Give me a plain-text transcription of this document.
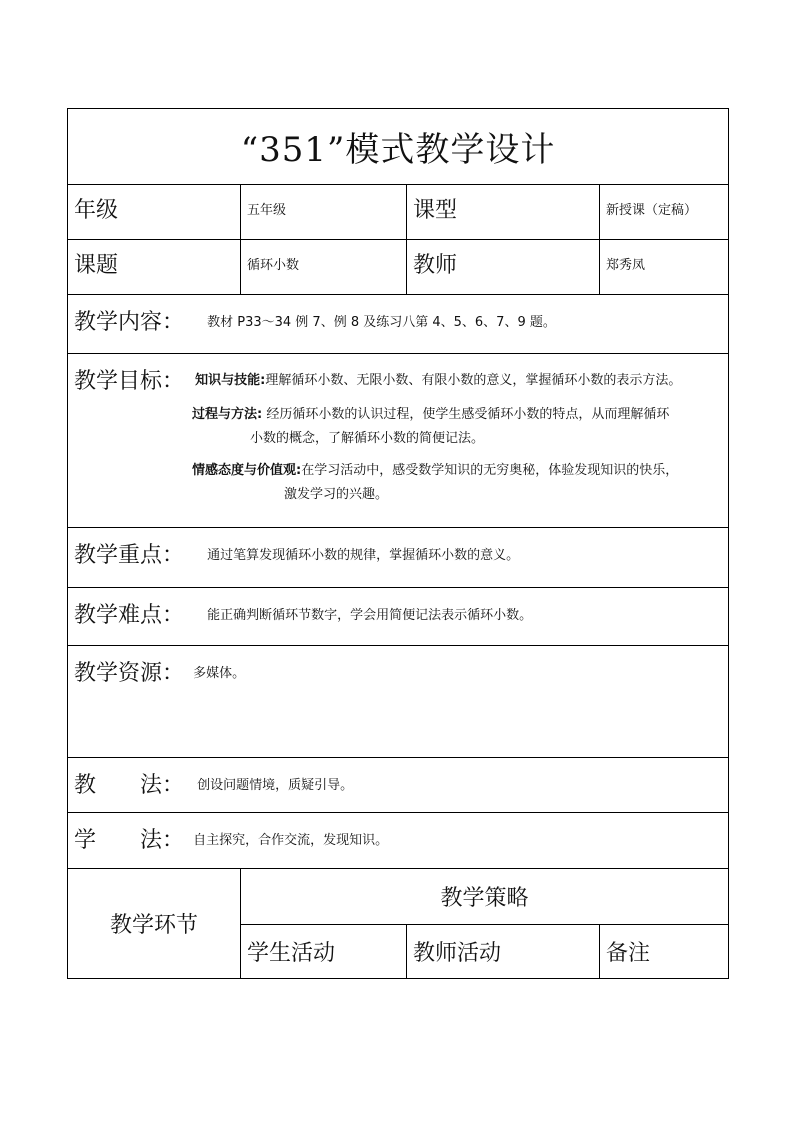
“351”模式教学设计			
年级	五年级	课型	新授课（定稿）
课题	循环小数	教师	郑秀凤
教学内容： 教材 P33～34 例 7、例 8 及练习八第 4、5、6、7、9 题。			

教学目标： 知识与技能:理解循环小数、无限小数、有限小数的意义，掌握循环小数的表示方法。
过程与方法: 经历循环小数的认识过程，使学生感受循环小数的特点，从而理解循环
小数的概念，了解循环小数的简便记法。
情感态度与价值观:在学习活动中，感受数学知识的无穷奥秘，体验发现知识的快乐，
激发学习的兴趣。			

教学重点： 通过笔算发现循环小数的规律，掌握循环小数的意义。			
教学难点： 能正确判断循环节数字，学会用简便记法表示循环小数。			
教学资源： 多媒体。			
教 法： 创设问题情境，质疑引导。			
学 法： 自主探究，合作交流，发现知识。			
教学环节	教学策略		
	学生活动	教师活动	备注
